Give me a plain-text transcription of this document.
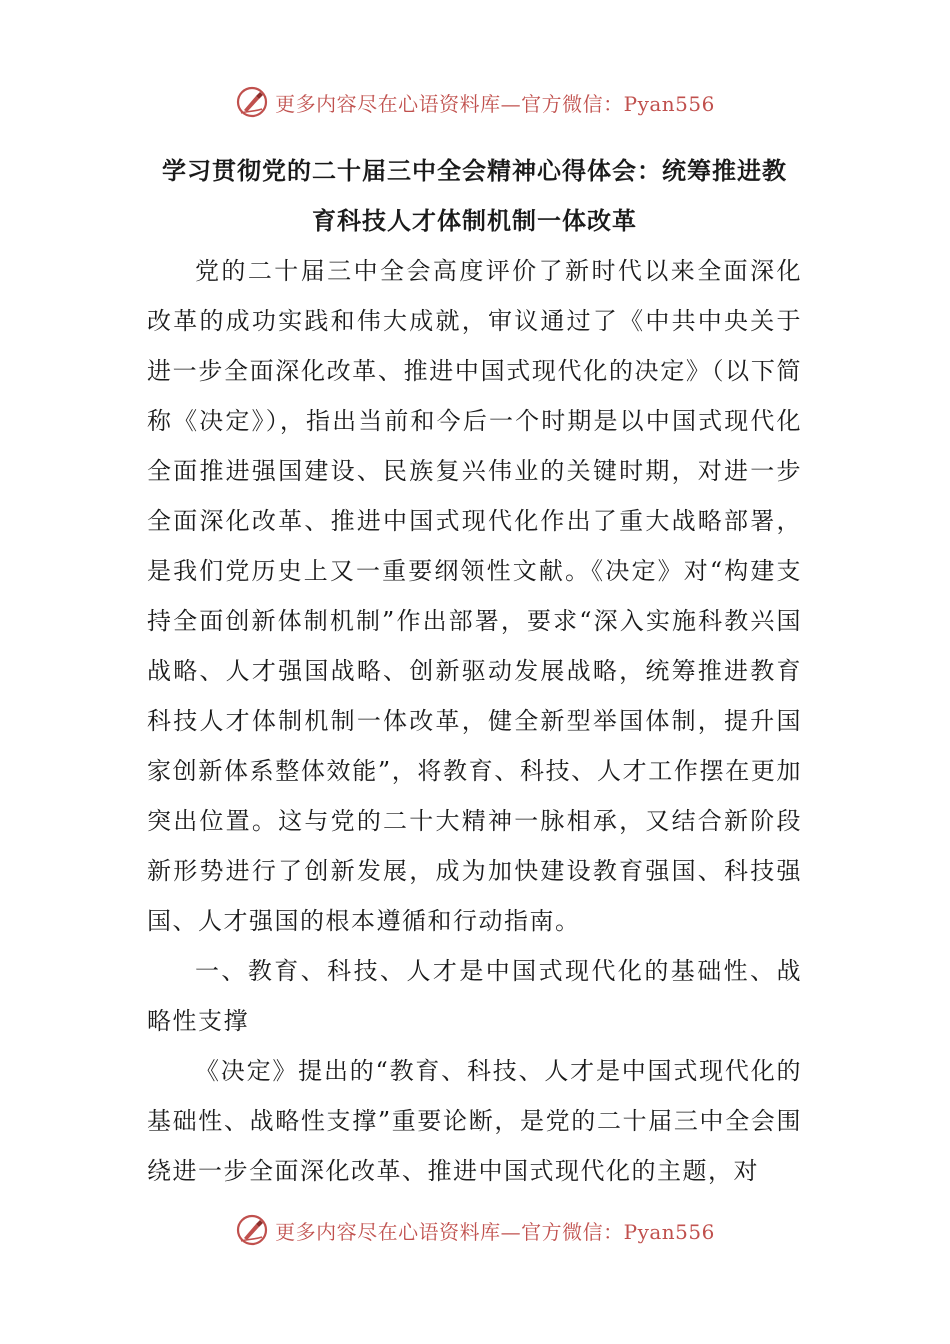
更多内容尽在心语资料库—官方微信：Pyan556
学习贯彻党的二十届三中全会精神心得体会：统筹推进教
育科技人才体制机制一体改革

党的二十届三中全会高度评价了新时代以来全面深化改革的成功实践和伟大成就，审议通过了《中共中央关于进一步全面深化改革、推进中国式现代化的决定》（以下简称《决定》），指出当前和今后一个时期是以中国式现代化全面推进强国建设、民族复兴伟业的关键时期，对进一步全面深化改革、推进中国式现代化作出了重大战略部署，是我们党历史上又一重要纲领性文献。《决定》对“构建支持全面创新体制机制”作出部署，要求“深入实施科教兴国战略、人才强国战略、创新驱动发展战略，统筹推进教育科技人才体制机制一体改革，健全新型举国体制，提升国家创新体系整体效能”，将教育、科技、人才工作摆在更加突出位置。这与党的二十大精神一脉相承，又结合新阶段新形势进行了创新发展，成为加快建设教育强国、科技强国、人才强国的根本遵循和行动指南。

一、教育、科技、人才是中国式现代化的基础性、战略性支撑

《决定》提出的“教育、科技、人才是中国式现代化的基础性、战略性支撑”重要论断，是党的二十届三中全会围绕进一步全面深化改革、推进中国式现代化的主题，对

更多内容尽在心语资料库—官方微信：Pyan556
